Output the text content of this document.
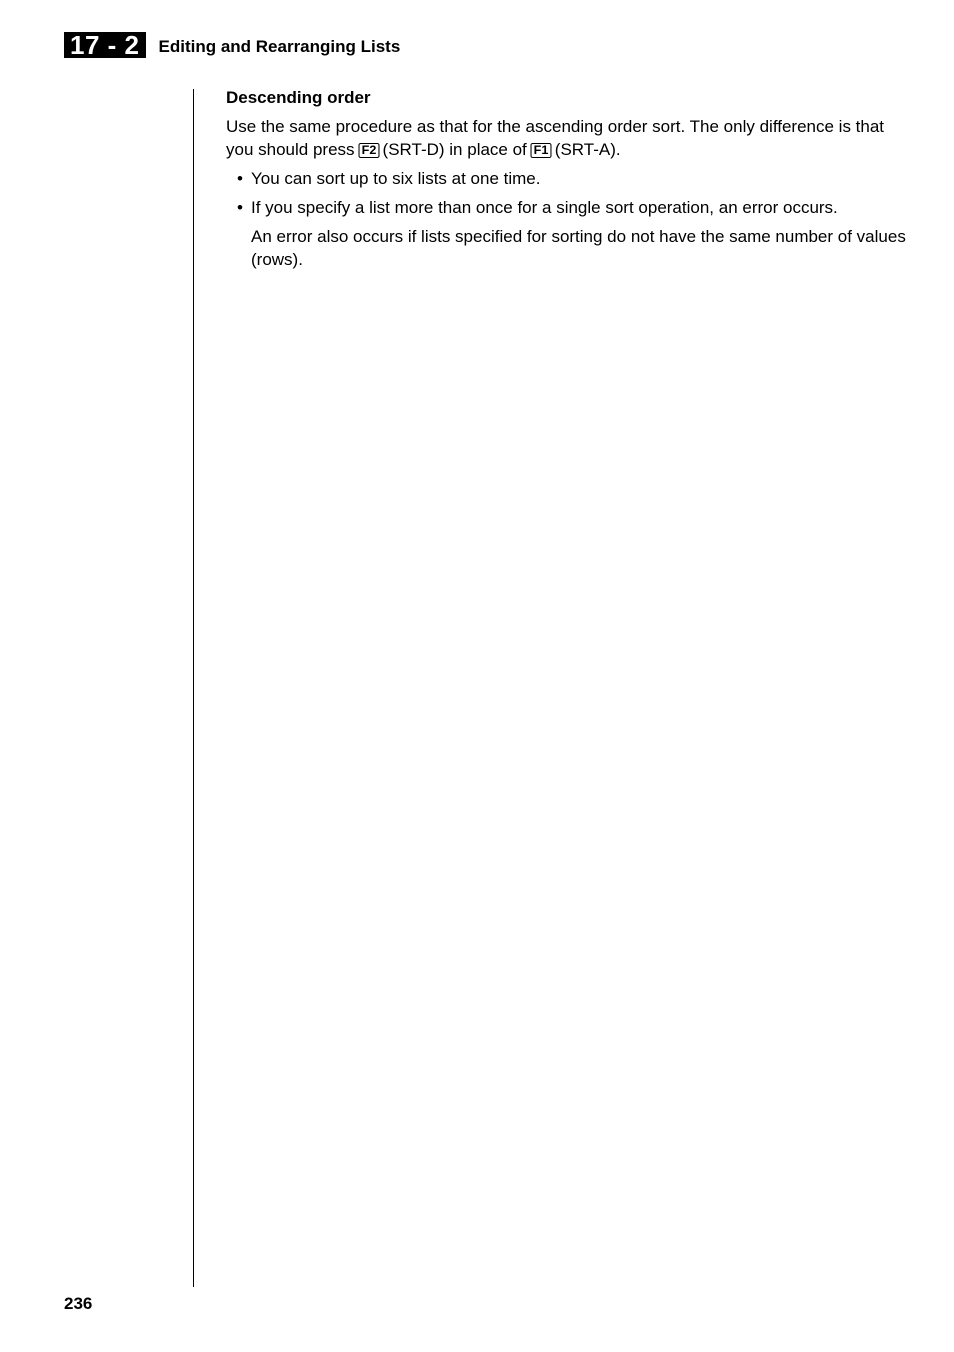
17 - 2	Editing and Rearranging Lists

Descending order

Use the same procedure as that for the ascending order sort. The only difference is that you should press F2 (SRT-D) in place of F1 (SRT-A).

• You can sort up to six lists at one time.
• If you specify a list more than once for a single sort operation, an error occurs.
An error also occurs if lists specified for sorting do not have the same number of values (rows).
236
